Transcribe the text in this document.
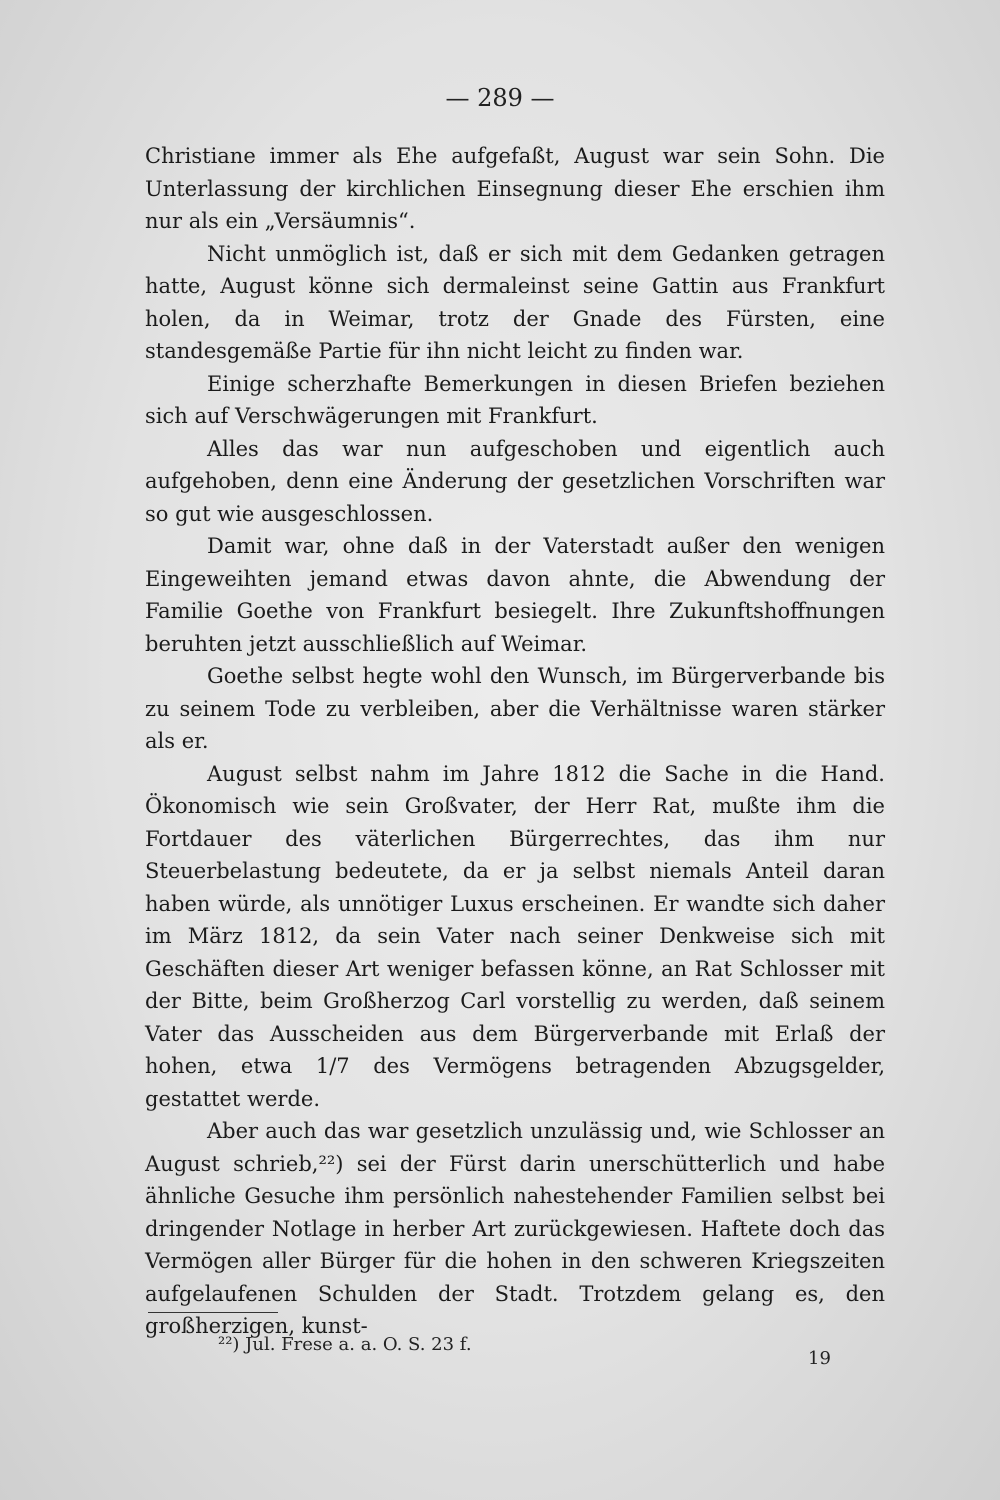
— 289 —

Christiane immer als Ehe aufgefaßt, August war sein Sohn. Die Unterlassung der kirchlichen Einsegnung dieser Ehe erschien ihm nur als ein „Versäumnis“.

Nicht unmöglich ist, daß er sich mit dem Gedanken getragen hatte, August könne sich dermaleinst seine Gattin aus Frankfurt holen, da in Weimar, trotz der Gnade des Fürsten, eine standesgemäße Partie für ihn nicht leicht zu finden war.

Einige scherzhafte Bemerkungen in diesen Briefen beziehen sich auf Verschwägerungen mit Frankfurt.

Alles das war nun aufgeschoben und eigentlich auch aufgehoben, denn eine Änderung der gesetzlichen Vorschriften war so gut wie ausgeschlossen.

Damit war, ohne daß in der Vaterstadt außer den wenigen Eingeweihten jemand etwas davon ahnte, die Abwendung der Familie Goethe von Frankfurt besiegelt. Ihre Zukunftshoffnungen beruhten jetzt ausschließlich auf Weimar.

Goethe selbst hegte wohl den Wunsch, im Bürgerverbande bis zu seinem Tode zu verbleiben, aber die Verhältnisse waren stärker als er.

August selbst nahm im Jahre 1812 die Sache in die Hand. Ökonomisch wie sein Großvater, der Herr Rat, mußte ihm die Fortdauer des väterlichen Bürgerrechtes, das ihm nur Steuerbelastung bedeutete, da er ja selbst niemals Anteil daran haben würde, als unnötiger Luxus erscheinen. Er wandte sich daher im März 1812, da sein Vater nach seiner Denkweise sich mit Geschäften dieser Art weniger befassen könne, an Rat Schlosser mit der Bitte, beim Großherzog Carl vorstellig zu werden, daß seinem Vater das Ausscheiden aus dem Bürgerverbande mit Erlaß der hohen, etwa 1/7 des Vermögens betragenden Abzugsgelder, gestattet werde.

Aber auch das war gesetzlich unzulässig und, wie Schlosser an August schrieb,²²) sei der Fürst darin unerschütterlich und habe ähnliche Gesuche ihm persönlich nahestehender Familien selbst bei dringender Notlage in herber Art zurückgewiesen. Haftete doch das Vermögen aller Bürger für die hohen in den schweren Kriegszeiten aufgelaufenen Schulden der Stadt. Trotzdem gelang es, den großherzigen, kunst-

²²) Jul. Frese a. a. O. S. 23 f.
19
